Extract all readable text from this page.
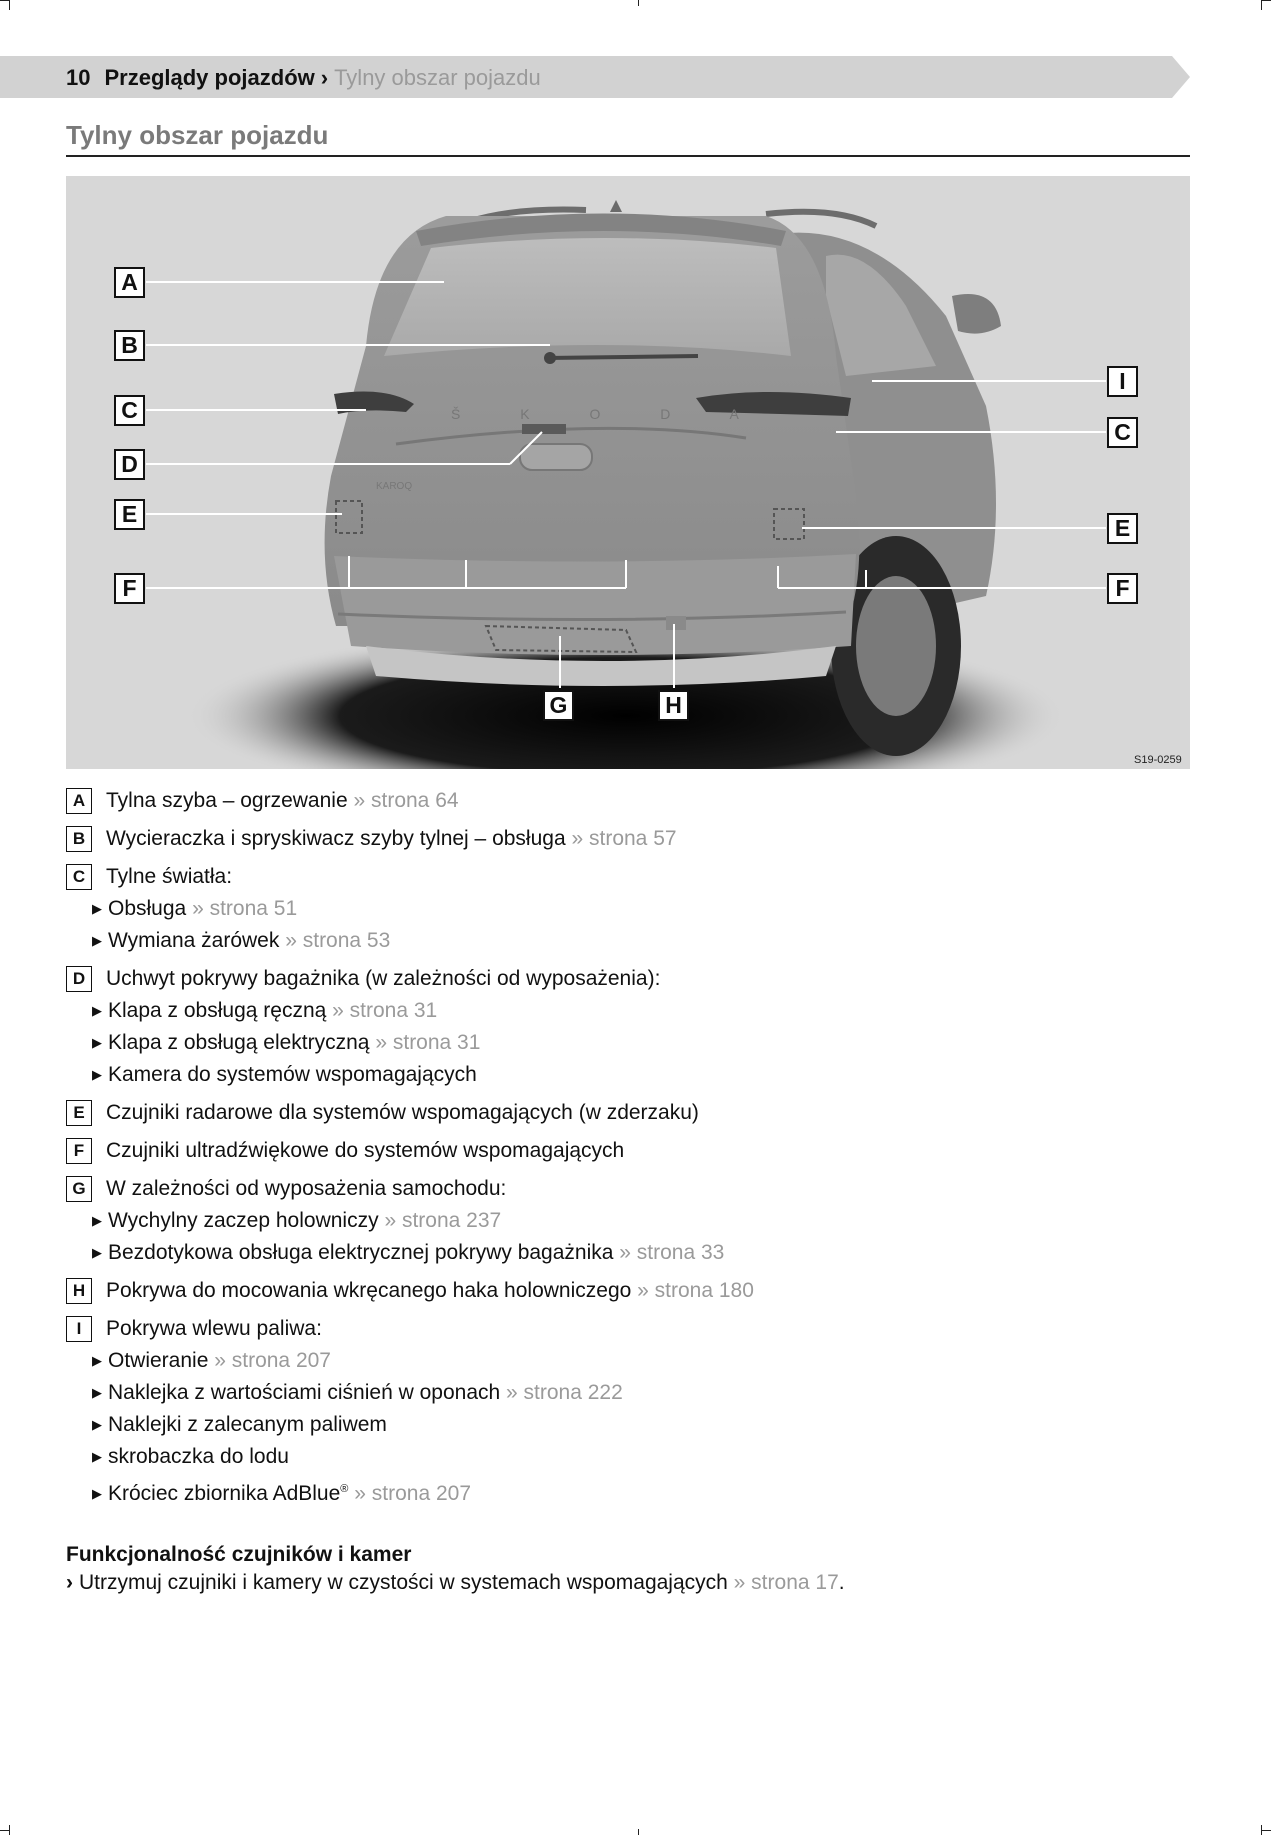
10 Przeglądy pojazdów › Tylny obszar pojazdu
Tylny obszar pojazdu
A
B
C
D
E
F
I
C
E
F
G	H
Š K O D A
KAROQ
S19-0259
A Tylna szyba – ogrzewanie » strona 64
B Wycieraczka i spryskiwacz szyby tylnej – obsługa » strona 57
C Tylne światła:
▶ Obsługa » strona 51
▶ Wymiana żarówek » strona 53
D Uchwyt pokrywy bagażnika (w zależności od wyposażenia):
▶ Klapa z obsługą ręczną » strona 31
▶ Klapa z obsługą elektryczną » strona 31
▶ Kamera do systemów wspomagających
E	Czujniki radarowe dla systemów wspomagających (w zderzaku)
F	Czujniki ultradźwiękowe do systemów wspomagających
G W zależności od wyposażenia samochodu:
▶ Wychylny zaczep holowniczy » strona 237
▶ Bezdotykowa obsługa elektrycznej pokrywy bagażnika » strona 33
H Pokrywa do mocowania wkręcanego haka holowniczego » strona 180
I	Pokrywa wlewu paliwa:
▶ Otwieranie » strona 207
▶ Naklejka z wartościami ciśnień w oponach » strona 222
▶ Naklejki z zalecanym paliwem
▶ skrobaczka do lodu
▶ Króciec zbiornika AdBlue® » strona 207
Funkcjonalność czujników i kamer
› Utrzymuj czujniki i kamery w czystości w systemach wspomagających » strona 17.
